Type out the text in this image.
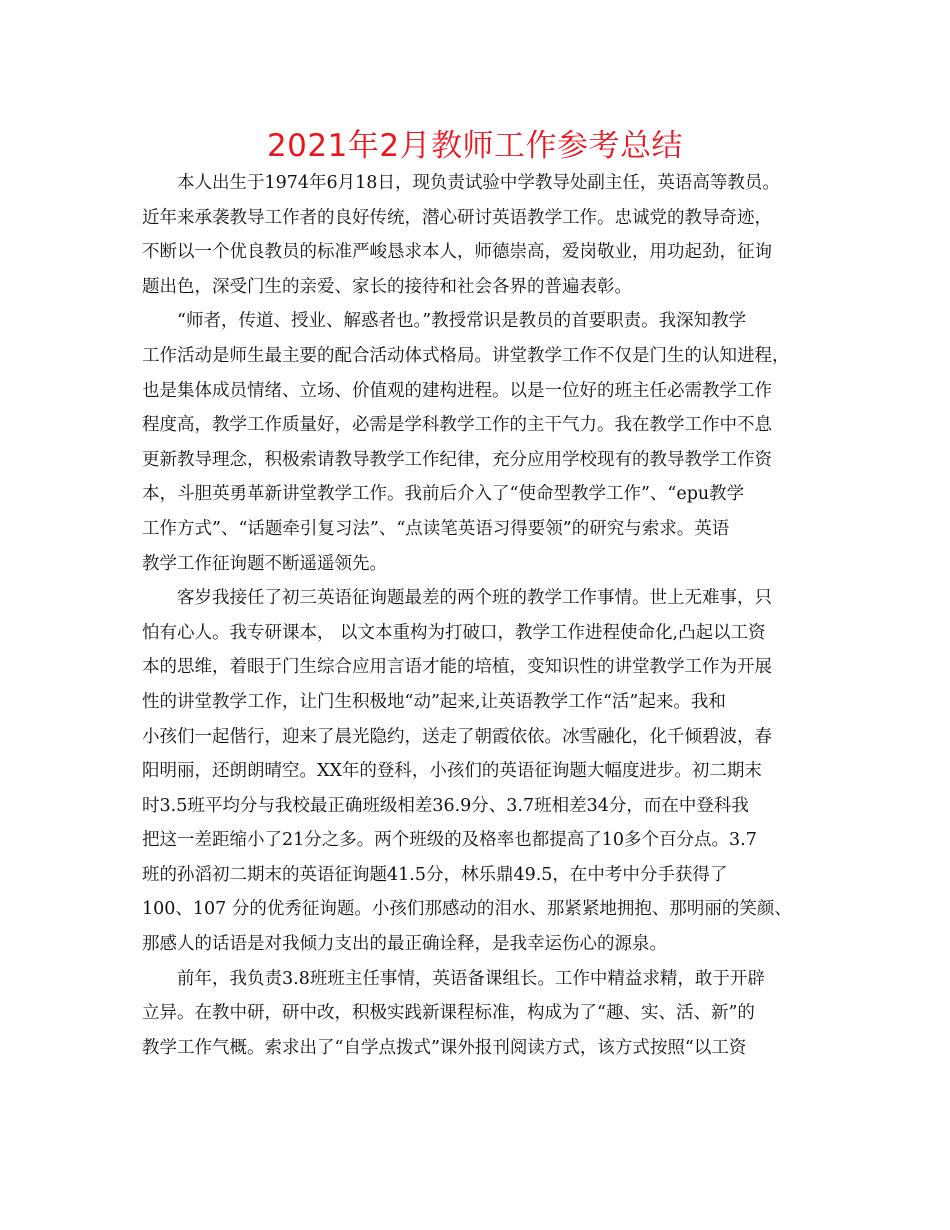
2021年2月教师工作参考总结
本人出生于1974年6月18日，现负责试验中学教导处副主任，英语高等教员。
近年来承袭教导工作者的良好传统，潜心研讨英语教学工作。忠诚党的教导奇迹，
不断以一个优良教员的标准严峻恳求本人，师德崇高，爱岗敬业，用功起劲，征询
题出色，深受门生的亲爱、家长的接待和社会各界的普遍表彰。
“师者，传道、授业、解惑者也。”教授常识是教员的首要职责。我深知教学
工作活动是师生最主要的配合活动体式格局。讲堂教学工作不仅是门生的认知进程，
也是集体成员情绪、立场、价值观的建构进程。以是一位好的班主任必需教学工作
程度高，教学工作质量好，必需是学科教学工作的主干气力。我在教学工作中不息
更新教导理念，积极索请教导教学工作纪律，充分应用学校现有的教导教学工作资
本，斗胆英勇革新讲堂教学工作。我前后介入了“使命型教学工作”、“epu教学
工作方式”、“话题牵引复习法”、“点读笔英语习得要领”的研究与索求。英语
教学工作征询题不断遥遥领先。
客岁我接任了初三英语征询题最差的两个班的教学工作事情。世上无难事，只
怕有心人。我专研课本， 以文本重构为打破口，教学工作进程使命化,凸起以工资
本的思维，着眼于门生综合应用言语才能的培植，变知识性的讲堂教学工作为开展
性的讲堂教学工作，让门生积极地“动”起来,让英语教学工作“活”起来。我和
小孩们一起偕行，迎来了晨光隐约，送走了朝霞依依。冰雪融化，化千倾碧波，春
阳明丽，还朗朗晴空。XX年的登科，小孩们的英语征询题大幅度进步。初二期末
时3.5班平均分与我校最正确班级相差36.9分、3.7班相差34分，而在中登科我
把这一差距缩小了21分之多。两个班级的及格率也都提高了10多个百分点。3.7
班的孙滔初二期末的英语征询题41.5分，林乐鼎49.5，在中考中分手获得了
100、107 分的优秀征询题。小孩们那感动的泪水、那紧紧地拥抱、那明丽的笑颜、
那感人的话语是对我倾力支出的最正确诠释，是我幸运伤心的源泉。
前年，我负责3.8班班主任事情，英语备课组长。工作中精益求精，敢于开辟
立异。在教中研，研中改，积极实践新课程标准，构成为了“趣、实、活、新”的
教学工作气概。索求出了“自学点拨式”课外报刊阅读方式，该方式按照“以工资
